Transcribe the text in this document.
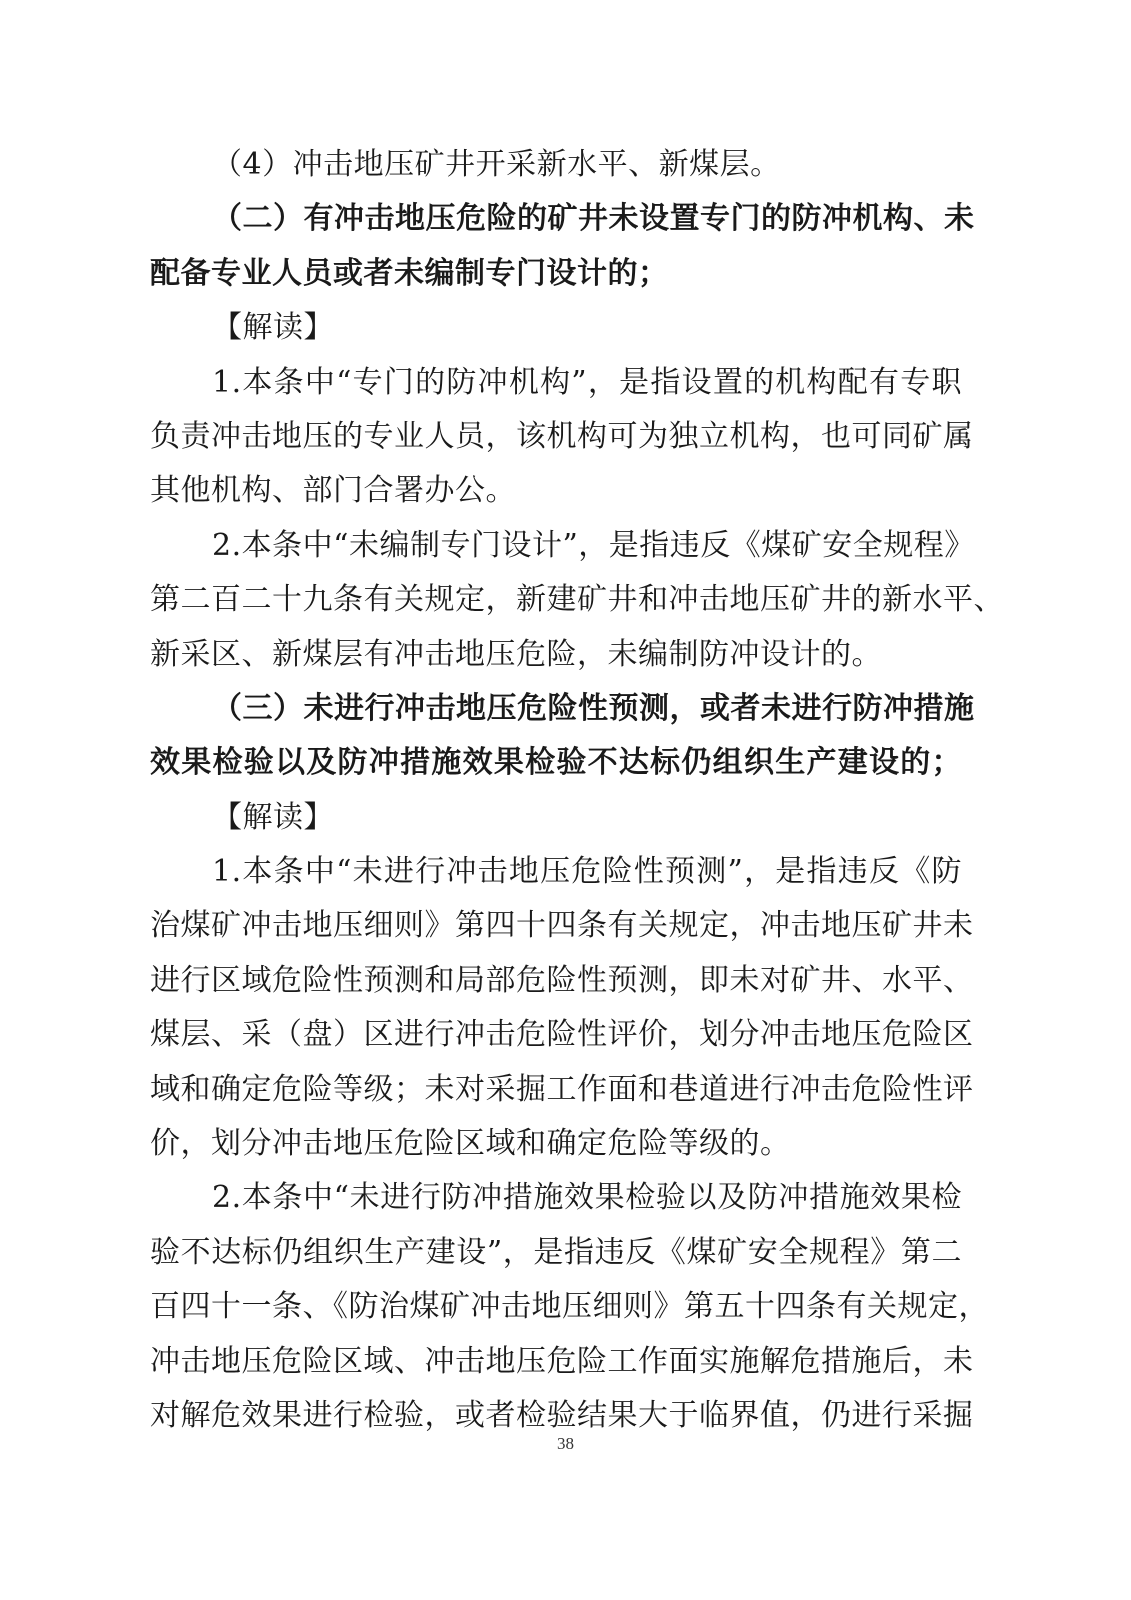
（4）冲击地压矿井开采新水平、新煤层。
（二）有冲击地压危险的矿井未设置专门的防冲机构、未
配备专业人员或者未编制专门设计的；
【解读】
1.本条中“专门的防冲机构”，是指设置的机构配有专职
负责冲击地压的专业人员，该机构可为独立机构，也可同矿属
其他机构、部门合署办公。
2.本条中“未编制专门设计”，是指违反《煤矿安全规程》
第二百二十九条有关规定，新建矿井和冲击地压矿井的新水平、
新采区、新煤层有冲击地压危险，未编制防冲设计的。
（三）未进行冲击地压危险性预测，或者未进行防冲措施
效果检验以及防冲措施效果检验不达标仍组织生产建设的；
【解读】
1.本条中“未进行冲击地压危险性预测”，是指违反《防
治煤矿冲击地压细则》第四十四条有关规定，冲击地压矿井未
进行区域危险性预测和局部危险性预测，即未对矿井、水平、
煤层、采（盘）区进行冲击危险性评价，划分冲击地压危险区
域和确定危险等级；未对采掘工作面和巷道进行冲击危险性评
价，划分冲击地压危险区域和确定危险等级的。
2.本条中“未进行防冲措施效果检验以及防冲措施效果检
验不达标仍组织生产建设”，是指违反《煤矿安全规程》第二
百四十一条、《防治煤矿冲击地压细则》第五十四条有关规定，
冲击地压危险区域、冲击地压危险工作面实施解危措施后，未
对解危效果进行检验，或者检验结果大于临界值，仍进行采掘
38
